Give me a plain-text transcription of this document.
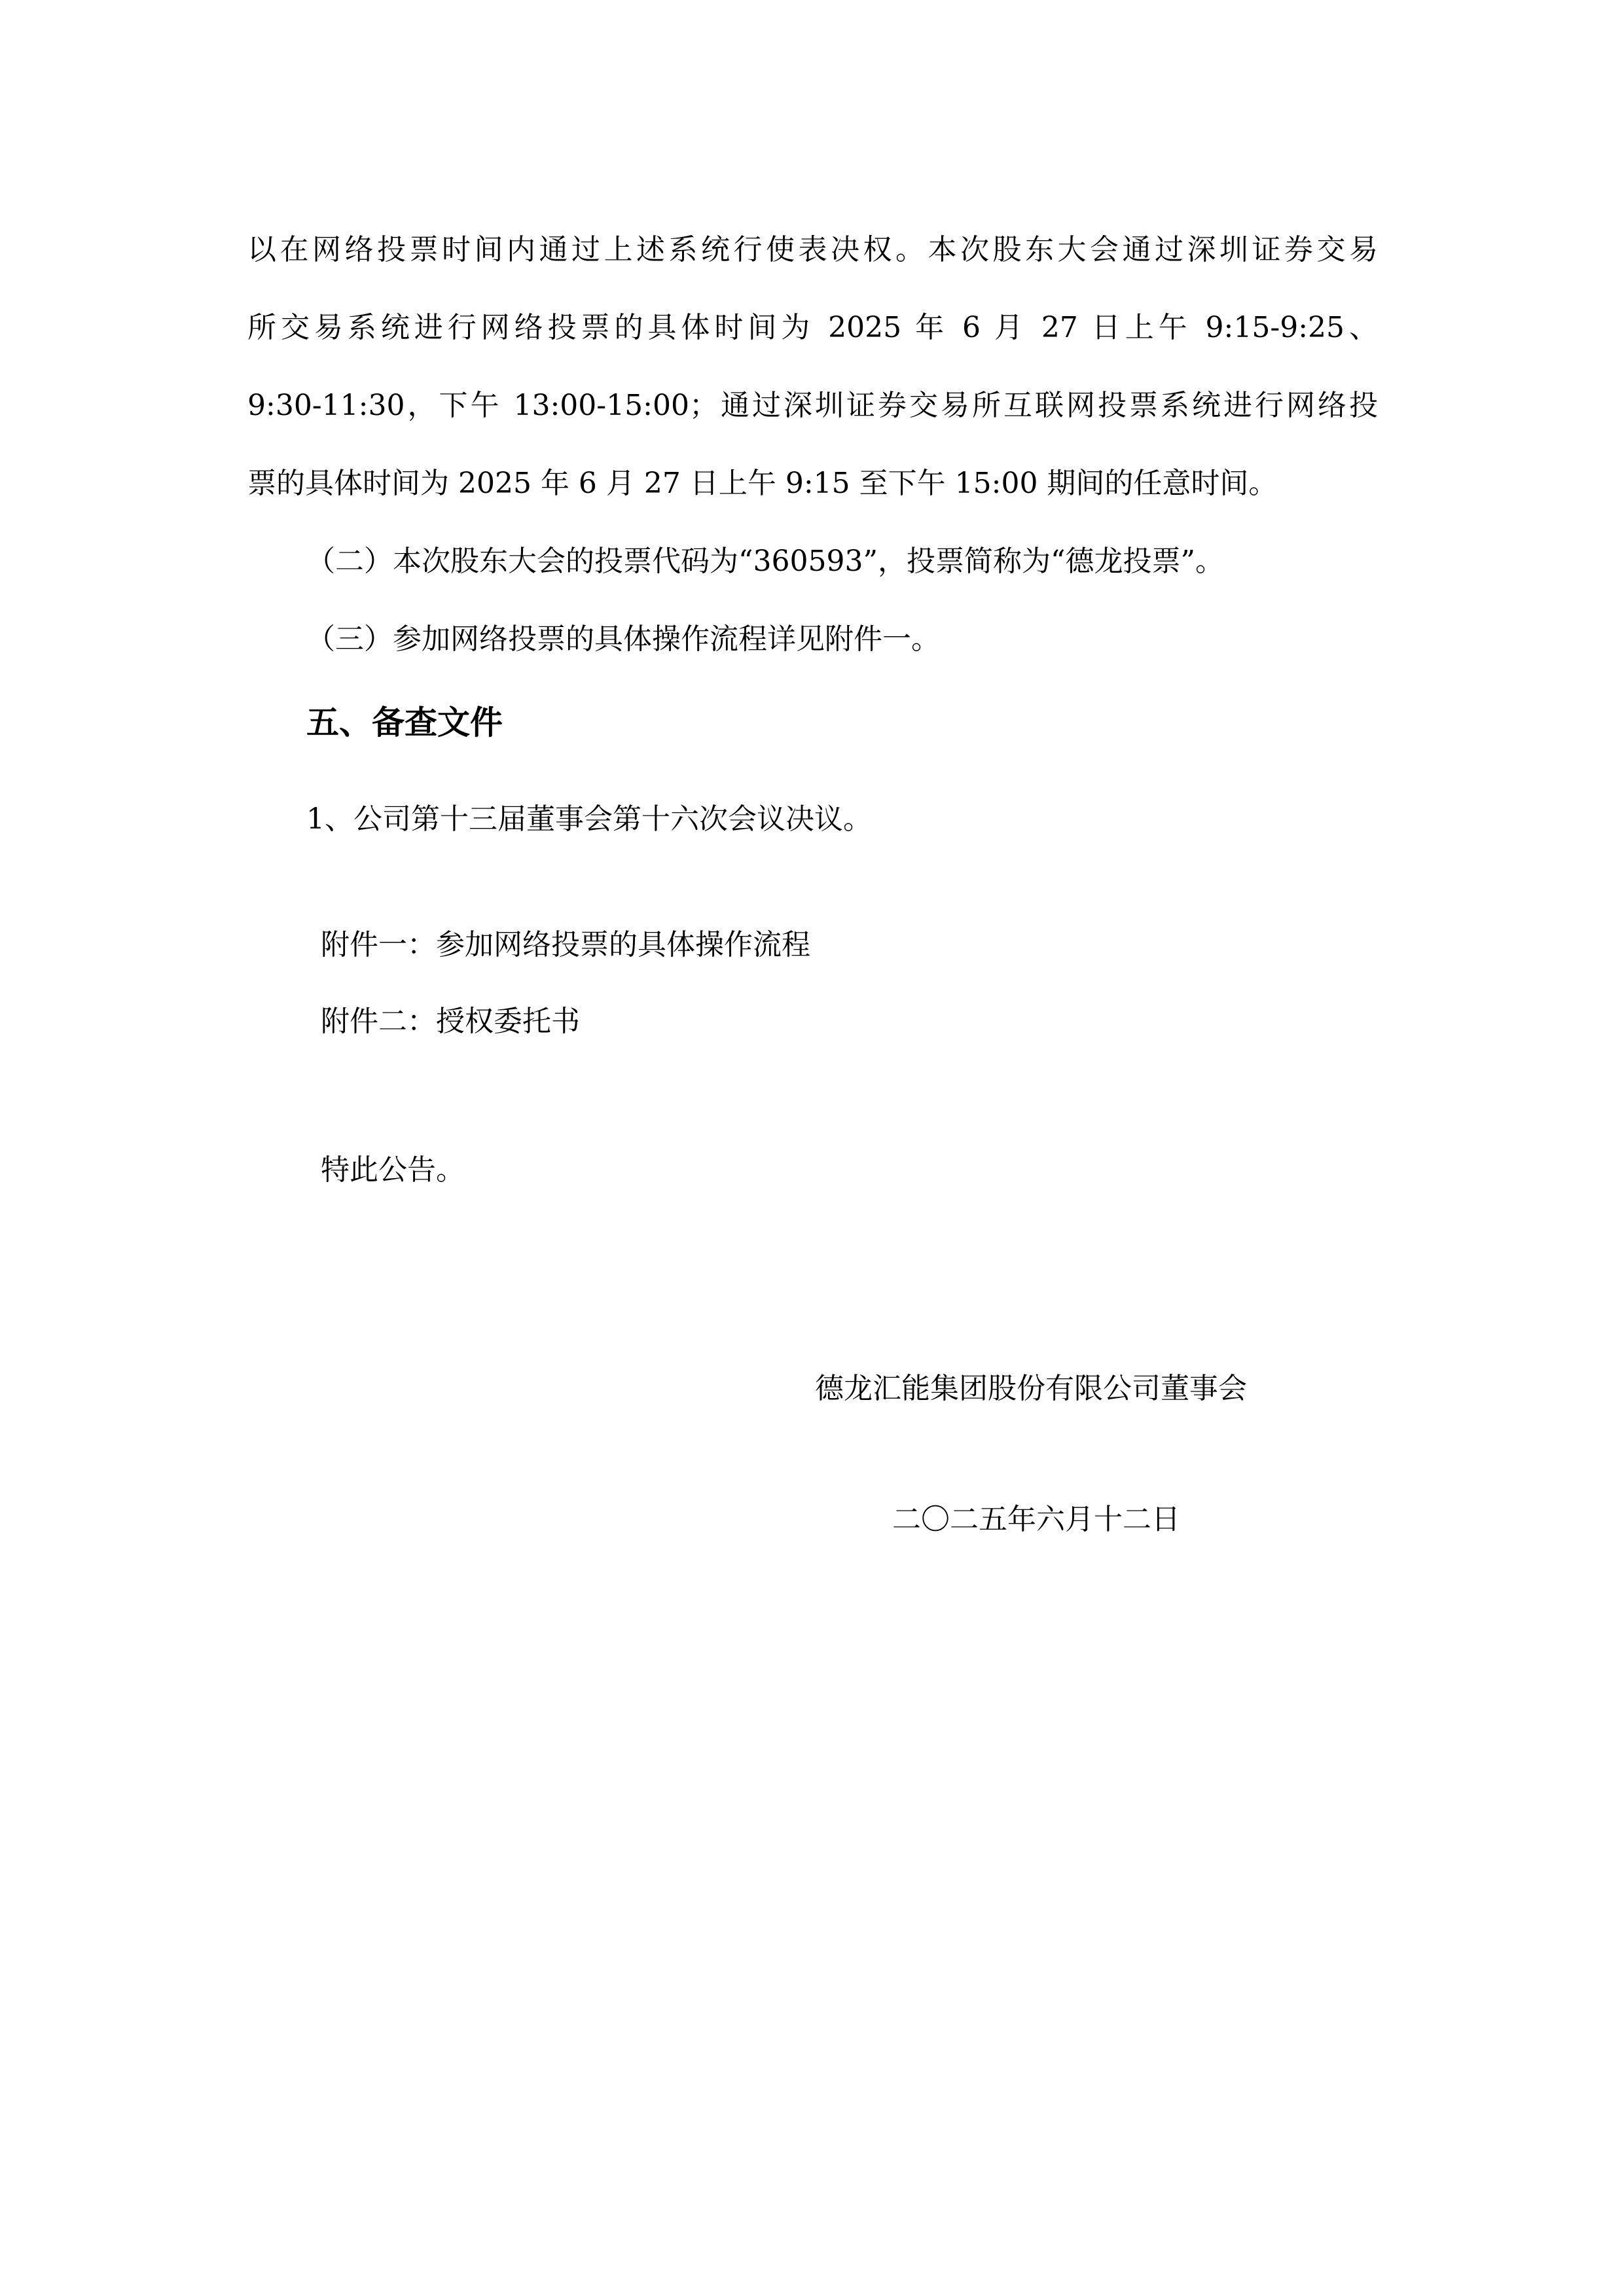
以在网络投票时间内通过上述系统行使表决权。本次股东大会通过深圳证券交易

所交易系统进行网络投票的具体时间为 2025 年 6 月 27 日上午 9:15-9:25、

9:30-11:30，下午 13:00-15:00；通过深圳证券交易所互联网投票系统进行网络投

票的具体时间为 2025 年 6 月 27 日上午 9:15 至下午 15:00 期间的任意时间。

（二）本次股东大会的投票代码为“360593”，投票简称为“德龙投票”。

（三）参加网络投票的具体操作流程详见附件一。

五、备查文件

1、公司第十三届董事会第十六次会议决议。

附件一：参加网络投票的具体操作流程

附件二：授权委托书

特此公告。

德龙汇能集团股份有限公司董事会

二〇二五年六月十二日
